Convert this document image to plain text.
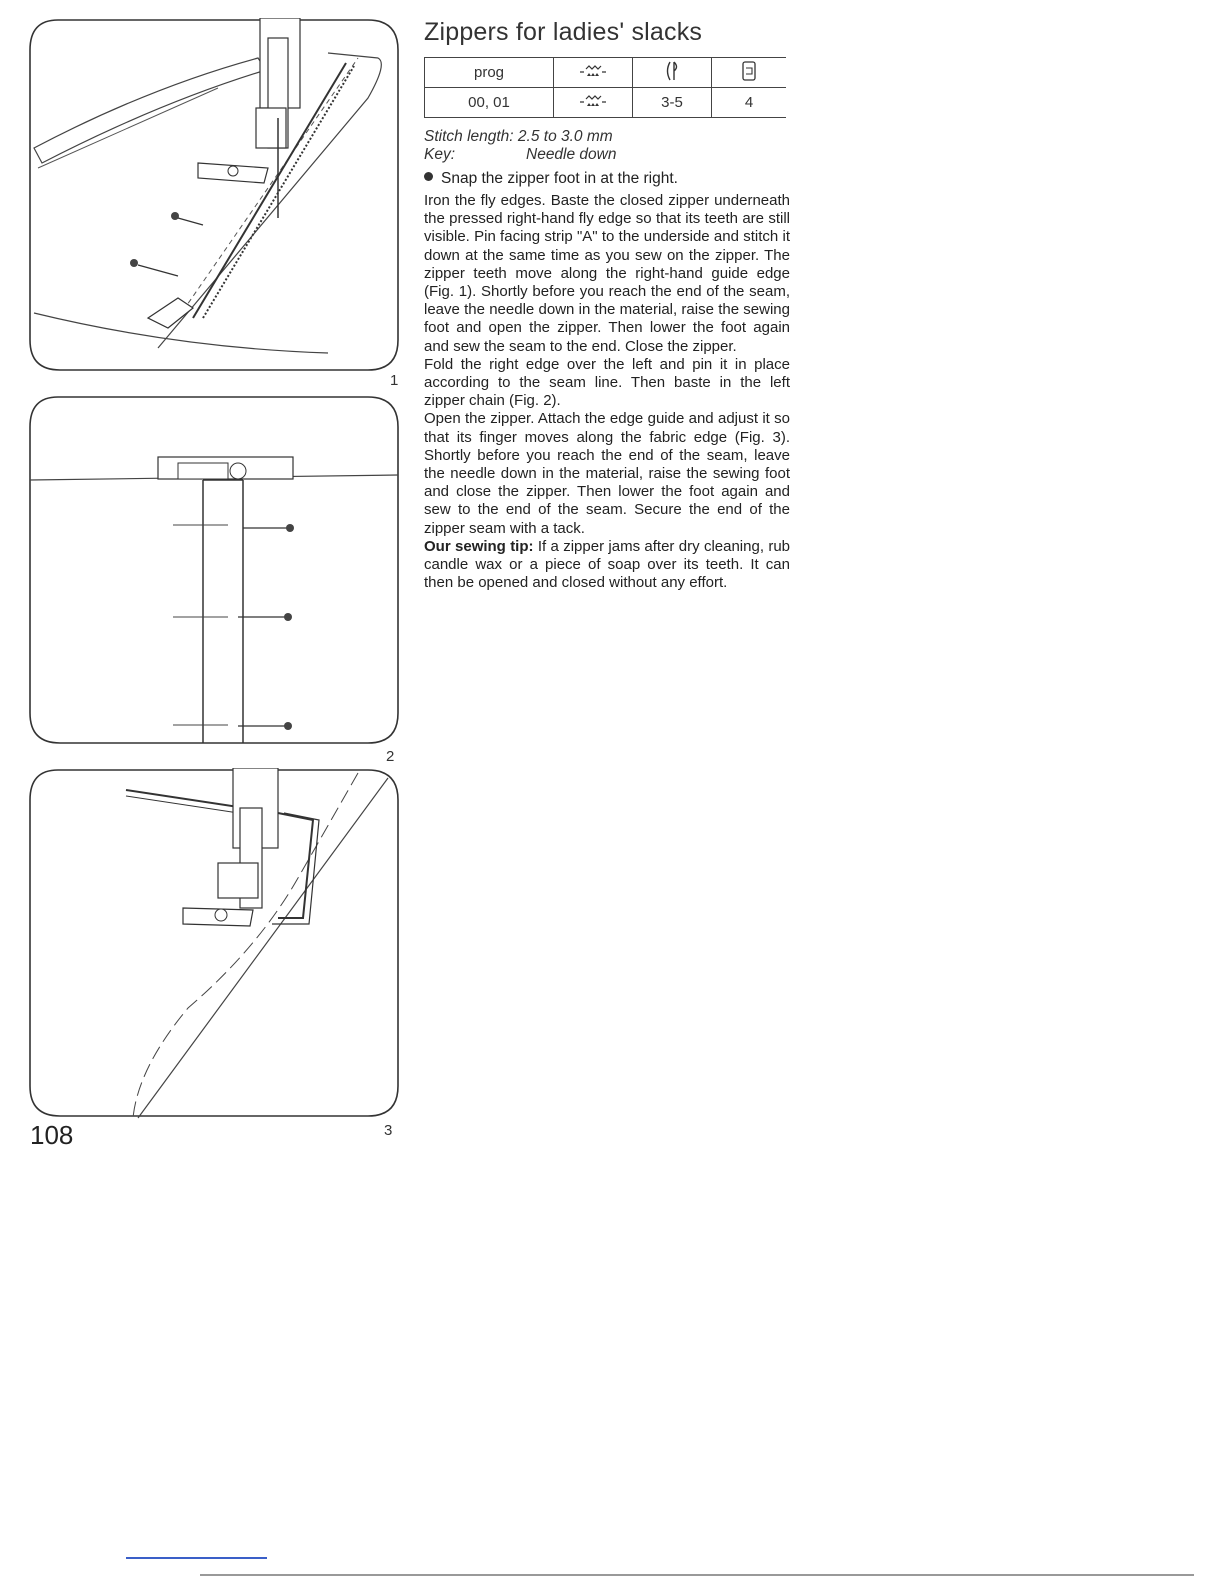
1
2
3
108
Zippers for ladies' slacks
prog			
00, 01		3-5	4
Stitch length: 2.5 to 3.0 mm
Key:	Needle down
Snap the zipper foot in at the right.

Iron the fly edges. Baste the closed zipper underneath the pressed right-hand fly edge so that its teeth are still visible. Pin facing strip "A" to the underside and stitch it down at the same time as you sew on the zipper. The zipper teeth move along the right-hand guide edge (Fig. 1). Shortly before you reach the end of the seam, leave the needle down in the material, raise the sewing foot and open the zipper. Then lower the foot again and sew the seam to the end. Close the zipper.

Fold the right edge over the left and pin it in place according to the seam line. Then baste in the left zipper chain (Fig. 2).

Open the zipper. Attach the edge guide and adjust it so that its finger moves along the fabric edge (Fig. 3). Shortly before you reach the end of the seam, leave the needle down in the material, raise the sewing foot and close the zipper. Then lower the foot again and sew to the end of the seam. Secure the end of the zipper seam with a tack.

Our sewing tip: If a zipper jams after dry cleaning, rub candle wax or a piece of soap over its teeth. It can then be opened and closed without any effort.
